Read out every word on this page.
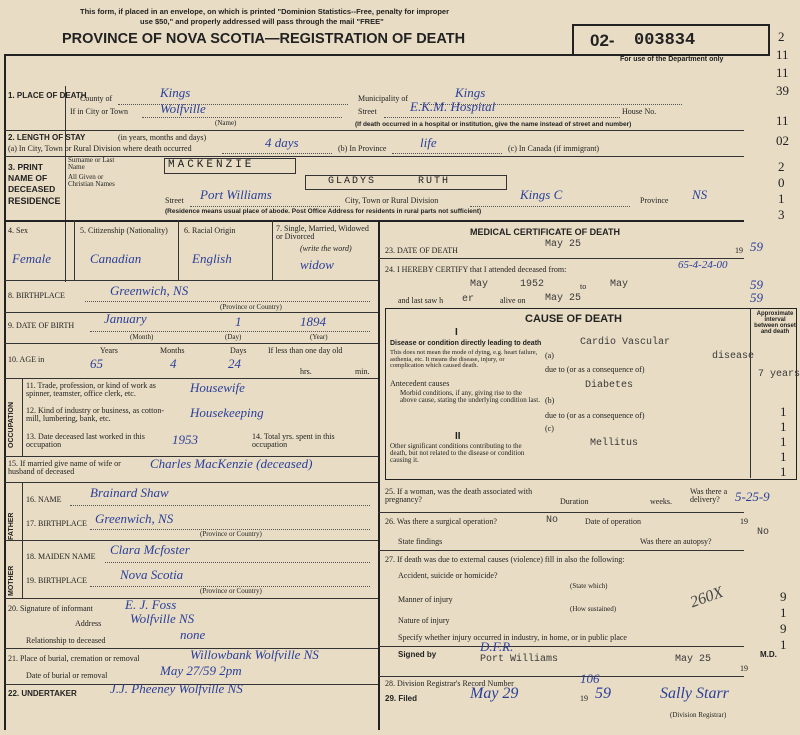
This form, if placed in an envelope, on which is printed "Dominion Statistics--Free, penalty for improper
use $50," and properly addressed will pass through the mail "FREE"
PROVINCE OF NOVA SCOTIA—REGISTRATION OF DEATH	02- 003834
For use of the Department only
1. PLACE OF DEATH
County of	Kings	Municipality of	Kings
If in City or Town Wolfville
(Name)
Street	E.K.M. Hospital	House No.
(If death occurred in a hospital or institution, give the name instead of street and number)
2. LENGTH OF STAY	(in years, months and days)
(a) In City, Town or Rural Division where death occurred	4 days	(b) In Province	life	(c) In Canada (if immigrant)
3. PRINT NAME OF DECEASED
Surname or Last Name	MACKENZIE
All Given or Christian Names	GLADYS	RUTH
RESIDENCE	Street Port Williams	City, Town or Rural Division	Kings C	Province NS
(Residence means usual place of abode. Post Office Address for residents in rural parts not sufficient)
4. Sex	5. Citizenship (Nationality)	6. Racial Origin	7. Single, Married, Widowed or Divorced
(write the word)
Female	Canadian	English	widow
8. BIRTHPLACE	Greenwich, NS
(Province or Country)
9. DATE OF BIRTH January	1	1894
(Month)	(Day)	(Year)
10. AGE in
Years	Months	Days	If less than one day old
65	4	24
hrs.	min.
OCCUPATION
11. Trade, profession, or kind of work as spinner, teamster, office clerk, etc.	Housewife
12. Kind of industry or business, as cotton-mill, lumbering, bank, etc.	Housekeeping
13. Date deceased last worked in this occupation	1953	14. Total yrs. spent in this occupation
15. If married give name of wife or husband of deceased
Charles MacKenzie (deceased)
FATHER
16. NAME Brainard Shaw
17. BIRTHPLACE Greenwich, NS
(Province or Country)
MOTHER
18. MAIDEN NAME Clara Mcfoster
19. BIRTHPLACE	Nova Scotia
(Province or Country)
20. Signature of informant E. J. Foss
Address Wolfville NS
Relationship to deceased	none
21. Place of burial, cremation or removal	Willowbank Wolfville NS
Date of burial or removal	May 27/59 2pm
22. UNDERTAKER	J.J. Pheeney Wolfville NS
MEDICAL CERTIFICATE OF DEATH
23. DATE OF DEATH
May 25
19 59
24. I HEREBY CERTIFY that I attended deceased from:	65-4-24-00
May	1952	to May	59
and last saw h er	alive on May 25	59
CAUSE OF DEATH	Approximate interval between onset and death
I
Disease or condition directly leading to death
This does not mean the mode of dying, e.g. heart failure, asthenia, etc. It means the disease, injury, or complication which caused death.
(a)
Cardio Vascular
disease
7 years
due to (or as a consequence of)
Antecedent causes
Morbid conditions, if any, giving rise to the above cause, stating the underlying condition last. (b)
Diabetes
due to (or as a consequence of)
(c)
II
Other significant conditions contributing to the death, but not related to the disease or condition causing it.
Mellitus
25. If a woman, was the death associated with pregnancy?	Duration	weeks.
Was there a delivery?	5-25-9
26. Was there a surgical operation?	No	Date of operation	19
State findings	Was there an autopsy?
No
27. If death was due to external causes (violence) fill in also the following:
Accident, suicide or homicide?
(State which)
Manner of injury
(How sustained)
Nature of injury
260X
Specify whether injury occurred in industry, in home, or in public place
Signed by
D.F.R.
Port Williams	May 25	M.D.
19
28. Division Registrar's Record Number	106
29. Filed	May 29	19 59	Sally Starr
(Division Registrar)
2
11
11
39
11
02
2
0
1
3
1
1
1
1
1
9
1
9
1
